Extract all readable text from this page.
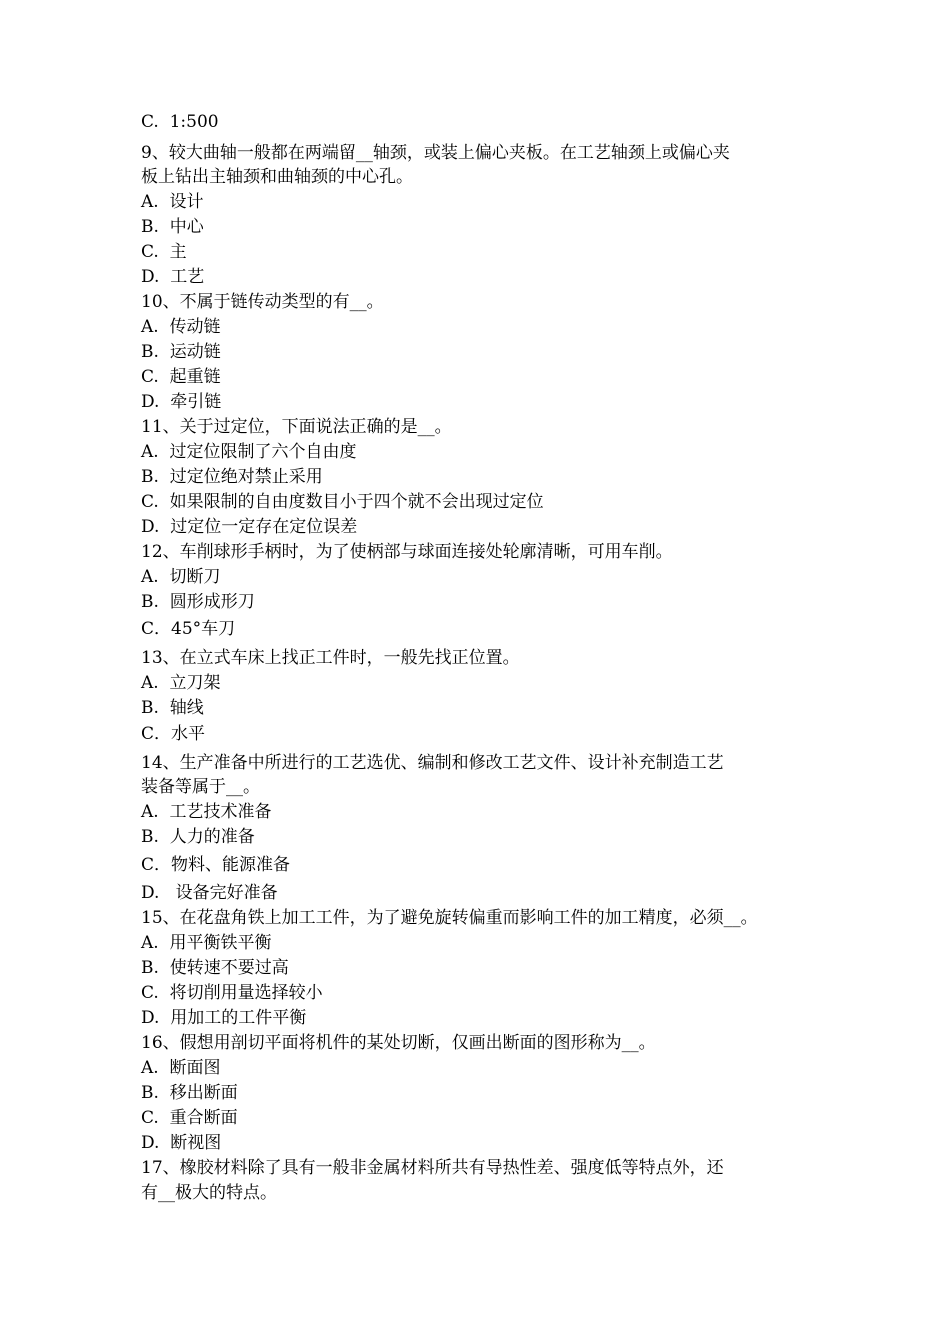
C.  1:500
9、较大曲轴一般都在两端留__轴颈，或装上偏心夹板。在工艺轴颈上或偏心夹
板上钻出主轴颈和曲轴颈的中心孔。
A.  设计
B.  中心
C.  主
D.  工艺
10、不属于链传动类型的有__。
A.  传动链
B.  运动链
C.  起重链
D.  牵引链
11、关于过定位，下面说法正确的是__。
A.  过定位限制了六个自由度
B.  过定位绝对禁止采用
C.  如果限制的自由度数目小于四个就不会出现过定位
D.  过定位一定存在定位误差
12、车削球形手柄时，为了使柄部与球面连接处轮廓清晰，可用车削。
A.  切断刀
B.  圆形成形刀
C．45°车刀
13、在立式车床上找正工件时，一般先找正位置。
A.  立刀架
B.  轴线
C．水平
14、生产准备中所进行的工艺选优、编制和修改工艺文件、设计补充制造工艺
装备等属于__。
A.  工艺技术准备
B.  人力的准备
C．物料、能源准备
D.   设备完好准备
15、在花盘角铁上加工工件，为了避免旋转偏重而影响工件的加工精度，必须__。
A.  用平衡铁平衡
B.  使转速不要过高
C.  将切削用量选择较小
D.  用加工的工件平衡
16、假想用剖切平面将机件的某处切断，仅画出断面的图形称为__。
A.  断面图
B.  移出断面
C.  重合断面
D.  断视图
17、橡胶材料除了具有一般非金属材料所共有导热性差、强度低等特点外，还
有__极大的特点。
